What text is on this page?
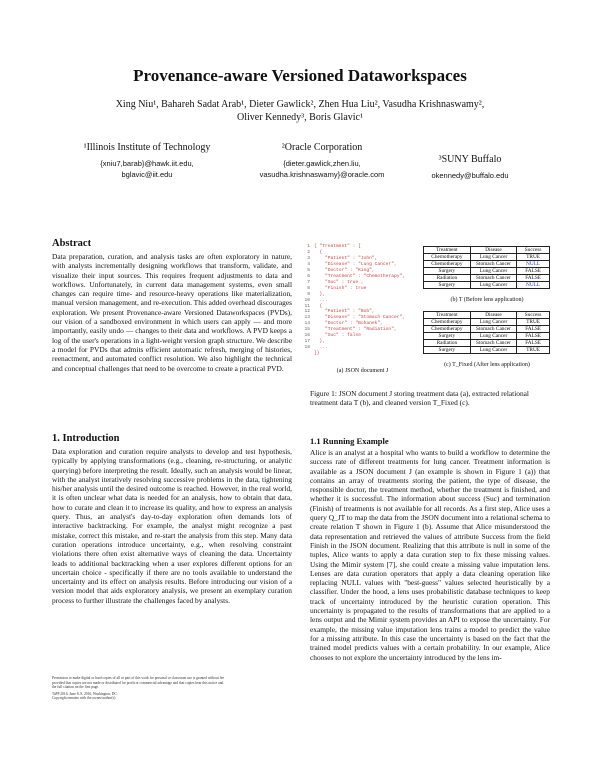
Provenance-aware Versioned Dataworkspaces
Xing Niu¹, Bahareh Sadat Arab¹, Dieter Gawlick², Zhen Hua Liu², Vasudha Krishnaswamy²,
Oliver Kennedy³, Boris Glavic¹
¹Illinois Institute of Technology
{xniu7,barab}@hawk.iit.edu,
bglavic@iit.edu
²Oracle Corporation
{dieter.gawlick,zhen.liu,
vasudha.krishnaswamy}@oracle.com
³SUNY Buffalo
okennedy@buffalo.edu
Abstract

Data preparation, curation, and analysis tasks are often exploratory in nature, with analysts incrementally designing workflows that transform, validate, and visualize their input sources. This requires frequent adjustments to data and workflows. Unfortunately, in current data management systems, even small changes can require time- and resource-heavy operations like materialization, manual version management, and re-execution. This added overhead discourages exploration. We present Provenance-aware Versioned Dataworkspaces (PVDs), our vision of a sandboxed environment in which users can apply — and more importantly, easily undo — changes to their data and workflows. A PVD keeps a log of the user's operations in a light-weight version graph structure. We describe a model for PVDs that admits efficient automatic refresh, merging of histories, reenactment, and automated conflict resolution. We also highlight the technical and conceptual challenges that need to be overcome to create a practical PVD.

1. Introduction

Data exploration and curation require analysts to develop and test hypothesis, typically by applying transformations (e.g., cleaning, re-structuring, or analytic querying) before interpreting the result. Ideally, such an analysis would be linear, with the analyst iteratively resolving successive problems in the data, tightening his/her analysis until the desired outcome is reached. However, in the real world, it is often unclear what data is needed for an analysis, how to obtain that data, how to curate and clean it to increase its quality, and how to express an analysis query. Thus, an analyst's day-to-day exploration often demands lots of interactive backtracking. For example, the analyst might recognize a past mistake, correct this mistake, and re-start the analysis from this step. Many data curation operations introduce uncertainty, e.g., when resolving constraint violations there often exist alternative ways of cleaning the data. Uncertainty leads to additional backtracking when a user explores different options for an uncertain choice - specifically if there are no tools available to understand the uncertainty and its effect on analysis results. Before introducing our vision of a version model that aids exploratory analysis, we present an exemplary curation process to further illustrate the challenges faced by analysts.

Permission to make digital or hard copies of all or part of this work for personal or classroom use is granted without fee
provided that copies are not made or distributed for profit or commercial advantage and that copies bear this notice and
the full citation on the first page.
TaPP 2016, June 8–9, 2016, Washington, DC.
Copyright remains with the owner/author(s).
1
2
3
4
5
6
7
8
9
10
11
12
13
14
15
16
17
18
{ "Treatment" : [
{
"Patient" : "John",
"Disease" : "Lung Cancer",
"Doctor" : "King",
"Treatment" : "Chemotherapy",
"Suc" : true ,
"Finish" : true
},
...
{
"Patient" : "Bob",
"Disease" : "Stomach Cancer",
"Doctor" : "Bohanek",
"Treatment" : "Radiation",
"Suc" : false
},
...
]}
(a) JSON document J
Treatment	Disease	Success
Chemotherapy	Lung Cancer	TRUE
Chemotherapy	Stomach Cancer	NULL
Surgery	Lung Cancer	FALSE
Radiation	Stomach Cancer	FALSE
Surgery	Lung Cancer	NULL
(b) T (Before lens application)
Treatment	Disease	Success
Chemotherapy	Lung Cancer	TRUE
Chemotherapy	Stomach Cancer	FALSE
Surgery	Lung Cancer	FALSE
Radiation	Stomach Cancer	FALSE
Surgery	Lung Cancer	TRUE
(c) T_Fixed (After lens application)
Figure 1: JSON document J storing treatment data (a), extracted relational treatment data T (b), and cleaned version T_Fixed (c).
1.1 Running Example

Alice is an analyst at a hospital who wants to build a workflow to determine the success rate of different treatments for lung cancer. Treatment information is available as a JSON document J (an example is shown in Figure 1 (a)) that contains an array of treatments storing the patient, the type of disease, the responsible doctor, the treatment method, whether the treatment is finished, and whether it is successful. The information about success (Suc) and termination (Finish) of treatments is not available for all records. As a first step, Alice uses a query Q_JT to map the data from the JSON document into a relational schema to create relation T shown in Figure 1 (b). Assume that Alice misunderstood the data representation and retrieved the values of attribute Success from the field Finish in the JSON document. Realizing that this attribute is null in some of the tuples, Alice wants to apply a data curation step to fix these missing values. Using the Mimir system [7], she could create a missing value imputation lens. Lenses are data curation operators that apply a data cleaning operation like replacing NULL values with "best-guess" values selected heuristically by a classifier. Under the hood, a lens uses probabilistic database techniques to keep track of uncertainty introduced by the heuristic curation operation. This uncertainty is propagated to the results of transformations that are applied to a lens output and the Mimir system provides an API to expose the uncertainty. For example, the missing value imputation lens trains a model to predict the value for a missing attribute. In this case the uncertainty is based on the fact that the trained model predicts values with a certain probability. In our example, Alice chooses to not explore the uncertainty introduced by the lens im-
